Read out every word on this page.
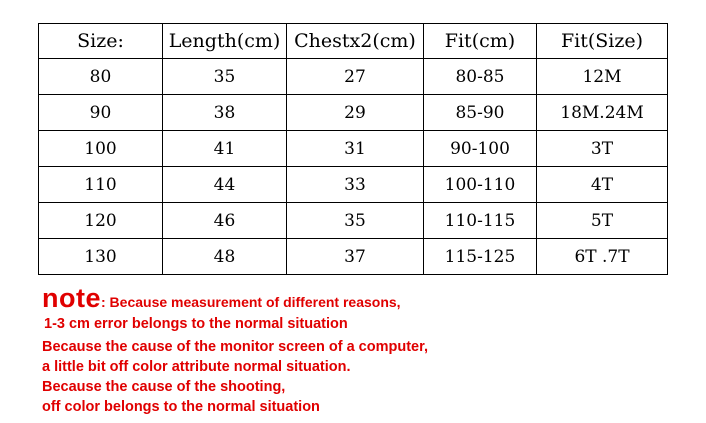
Size:	Length(cm)	Chestx2(cm)	Fit(cm)	Fit(Size)
80	35	27	80-85	12M
90	38	29	85-90	18M.24M
100	41	31	90-100	3T
110	44	33	100-110	4T
120	46	35	110-115	5T
130	48	37	115-125	6T .7T
note: Because measurement of different reasons,
1-3 cm error belongs to the normal situation
Because the cause of the monitor screen of a computer,
a little bit off color attribute normal situation.
Because the cause of the shooting,
off color belongs to the normal situation
